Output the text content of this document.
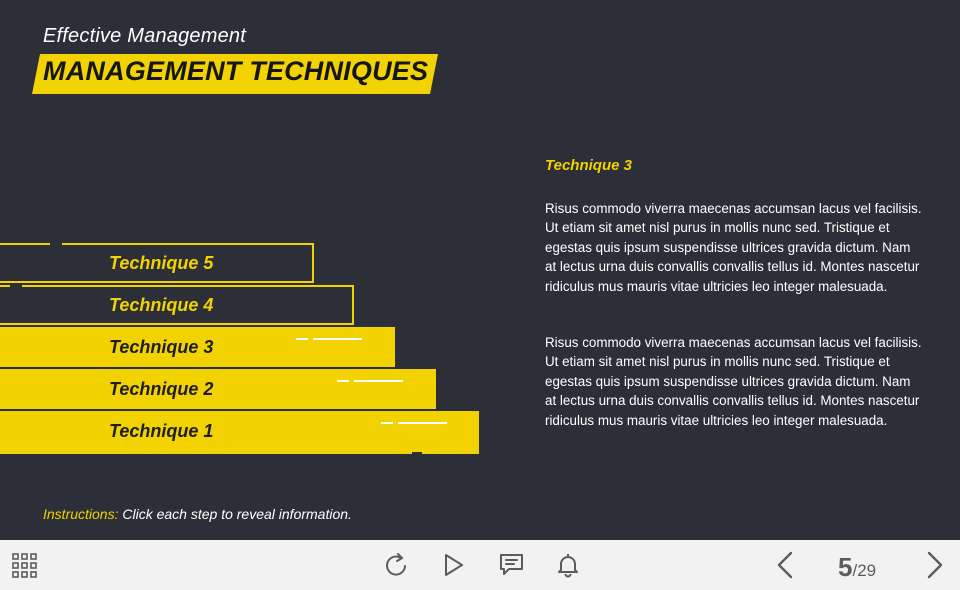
Effective Management
MANAGEMENT TECHNIQUES
Technique 5
Technique 4
Technique 3
Technique 2
Technique 1
Technique 3

Risus commodo viverra maecenas accumsan lacus vel facilisis. Ut etiam sit amet nisl purus in mollis nunc sed. Tristique et egestas quis ipsum suspendisse ultrices gravida dictum. Nam at lectus urna duis convallis convallis tellus id. Montes nascetur ridiculus mus mauris vitae ultricies leo integer malesuada.

Risus commodo viverra maecenas accumsan lacus vel facilisis. Ut etiam sit amet nisl purus in mollis nunc sed. Tristique et egestas quis ipsum suspendisse ultrices gravida dictum. Nam at lectus urna duis convallis convallis tellus id. Montes nascetur ridiculus mus mauris vitae ultricies leo integer malesuada.

Instructions: Click each step to reveal information.
5/29
